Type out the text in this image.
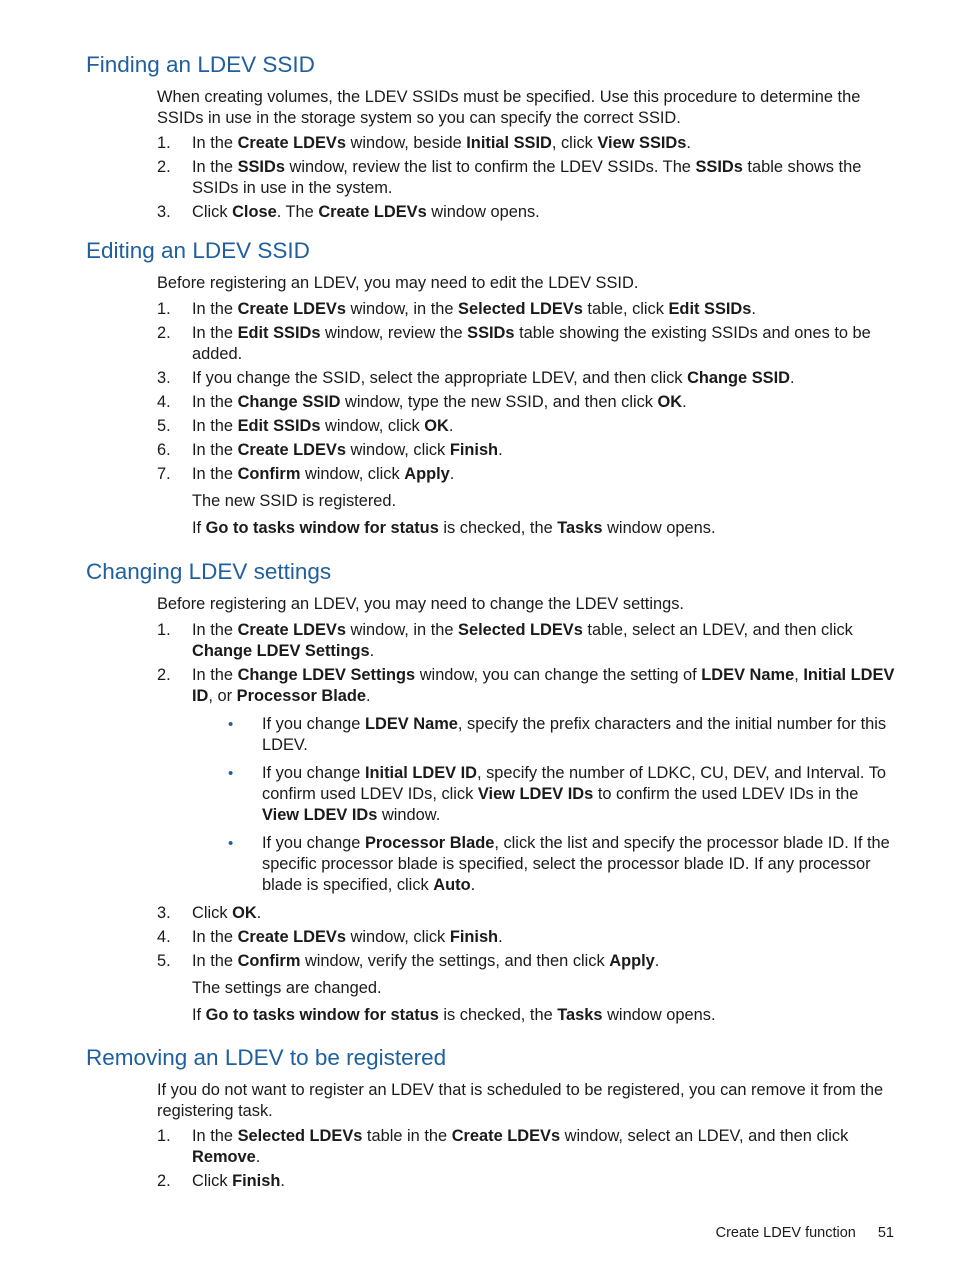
Finding an LDEV SSID

When creating volumes, the LDEV SSIDs must be specified. Use this procedure to determine the SSIDs in use in the storage system so you can specify the correct SSID.

1. In the Create LDEVs window, beside Initial SSID, click View SSIDs.
2. In the SSIDs window, review the list to confirm the LDEV SSIDs. The SSIDs table shows the SSIDs in use in the system.
3. Click Close. The Create LDEVs window opens.
Editing an LDEV SSID

Before registering an LDEV, you may need to edit the LDEV SSID.

1. In the Create LDEVs window, in the Selected LDEVs table, click Edit SSIDs.
2. In the Edit SSIDs window, review the SSIDs table showing the existing SSIDs and ones to be added.
3. If you change the SSID, select the appropriate LDEV, and then click Change SSID.
4. In the Change SSID window, type the new SSID, and then click OK.
5. In the Edit SSIDs window, click OK.
6. In the Create LDEVs window, click Finish.
7. In the Confirm window, click Apply.
The new SSID is registered.
If Go to tasks window for status is checked, the Tasks window opens.
Changing LDEV settings

Before registering an LDEV, you may need to change the LDEV settings.

1. In the Create LDEVs window, in the Selected LDEVs table, select an LDEV, and then click Change LDEV Settings.
2. In the Change LDEV Settings window, you can change the setting of LDEV Name, Initial LDEV ID, or Processor Blade.
• If you change LDEV Name, specify the prefix characters and the initial number for this LDEV.
• If you change Initial LDEV ID, specify the number of LDKC, CU, DEV, and Interval. To confirm used LDEV IDs, click View LDEV IDs to confirm the used LDEV IDs in the View LDEV IDs window.
• If you change Processor Blade, click the list and specify the processor blade ID. If the specific processor blade is specified, select the processor blade ID. If any processor blade is specified, click Auto.
3. Click OK.
4. In the Create LDEVs window, click Finish.
5. In the Confirm window, verify the settings, and then click Apply.
The settings are changed.
If Go to tasks window for status is checked, the Tasks window opens.
Removing an LDEV to be registered

If you do not want to register an LDEV that is scheduled to be registered, you can remove it from the registering task.

1. In the Selected LDEVs table in the Create LDEVs window, select an LDEV, and then click Remove.
2. Click Finish.
Create LDEV function 51
